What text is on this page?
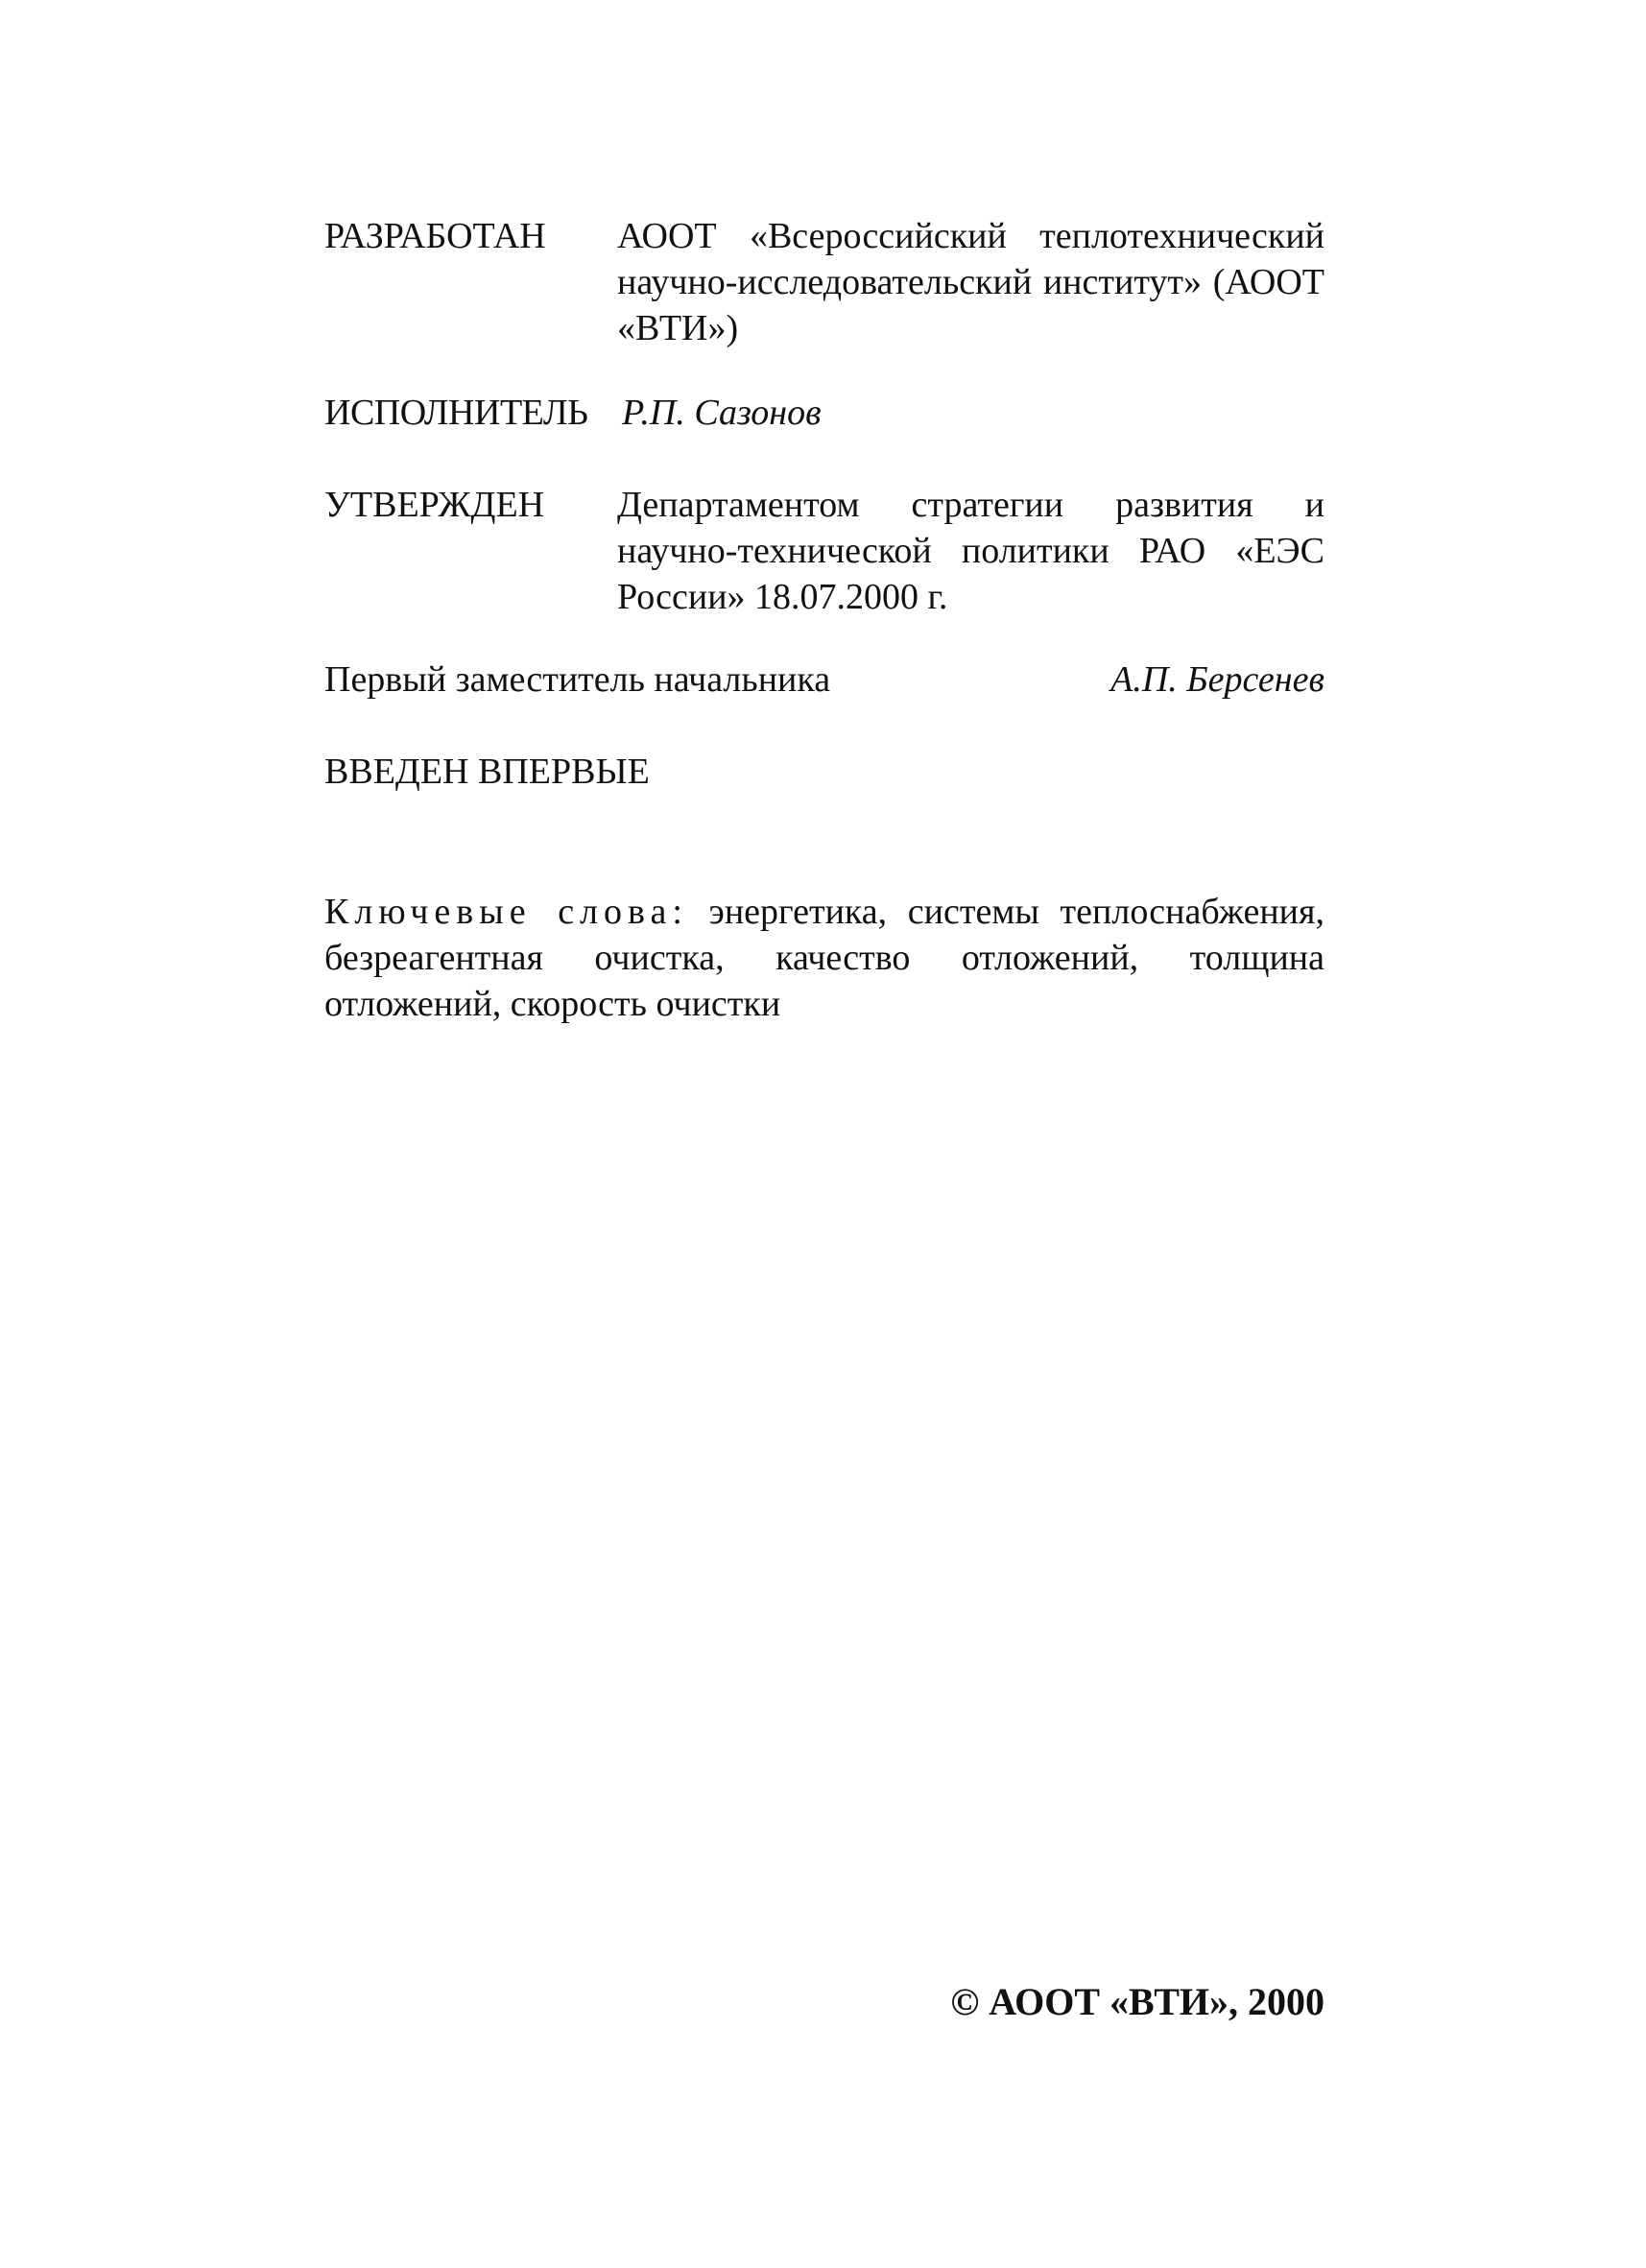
РАЗРАБОТАН	АООТ «Всероссийский теплотехнический научно-исследовательский институт» (АООТ «ВТИ»)
ИСПОЛНИТЕЛЬ Р.П. Сазонов
УТВЕРЖДЕН	Департаментом стратегии развития и научно-технической политики РАО «ЕЭС России» 18.07.2000 г.
Первый заместитель начальника	А.П. Берсенев
ВВЕДЕН ВПЕРВЫЕ
Ключевые слова: энергетика, системы теплоснабжения, безреагентная очистка, качество отложений, толщина отложений, скорость очистки
© АООТ «ВТИ», 2000
